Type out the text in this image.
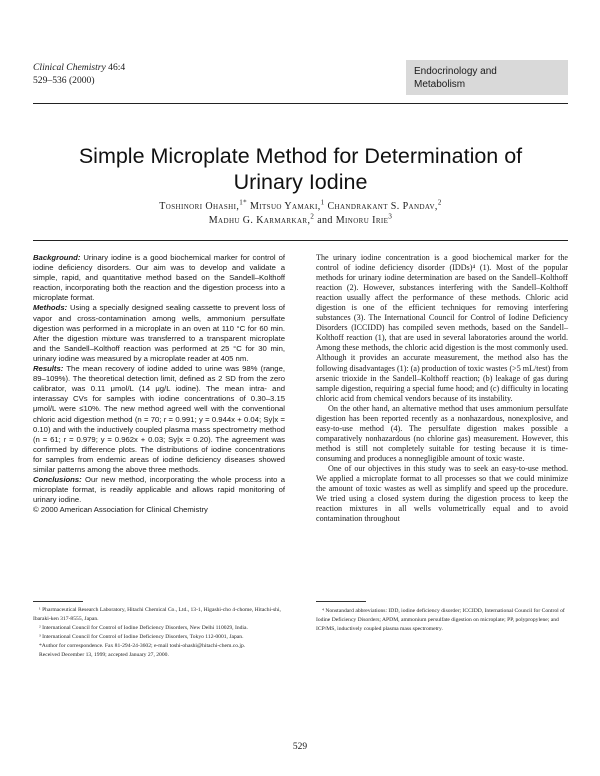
Clinical Chemistry 46:4
529–536 (2000)
Endocrinology and
Metabolism
Simple Microplate Method for Determination of
Urinary Iodine
Toshinori Ohashi,$^{1*}$ Mitsuo Yamaki,$^1$ Chandrakant S. Pandav,$^2$
Madhu G. Karmarkar,$^2$ and Minoru Irie$^3$

Background: Urinary iodine is a good biochemical marker for control of iodine deficiency disorders. Our aim was to develop and validate a simple, rapid, and quantitative method based on the Sandell–Kolthoff reaction, incorporating both the reaction and the digestion process into a microplate format.

Methods: Using a specially designed sealing cassette to prevent loss of vapor and cross-contamination among wells, ammonium persulfate digestion was performed in a microplate in an oven at 110 °C for 60 min. After the digestion mixture was transferred to a transparent microplate and the Sandell–Kolthoff reaction was performed at 25 °C for 30 min, urinary iodine was measured by a microplate reader at 405 nm.

Results: The mean recovery of iodine added to urine was 98% (range, 89–109%). The theoretical detection limit, defined as 2 SD from the zero calibrator, was 0.11 μmol/L (14 μg/L iodine). The mean intra- and interassay CVs for samples with iodine concentrations of 0.30–3.15 μmol/L were ≤10%. The new method agreed well with the conventional chloric acid digestion method (n = 70; r = 0.991; y = 0.944x + 0.04; Sy|x = 0.10) and with the inductively coupled plasma mass spectrometry method (n = 61; r = 0.979; y = 0.962x + 0.03; Sy|x = 0.20). The agreement was confirmed by difference plots. The distributions of iodine concentrations for samples from endemic areas of iodine deficiency diseases showed similar patterns among the above three methods.

Conclusions: Our new method, incorporating the whole process into a microplate format, is readily applicable and allows rapid monitoring of urinary iodine.

© 2000 American Association for Clinical Chemistry

The urinary iodine concentration is a good biochemical marker for the control of iodine deficiency disorder (IDDs)⁴ (1). Most of the popular methods for urinary iodine determination are based on the Sandell–Kolthoff reaction (2). However, substances interfering with the Sandell–Kolthoff reaction usually affect the performance of these methods. Chloric acid digestion is one of the efficient techniques for removing interfering substances (3). The International Council for Control of Iodine Deficiency Disorders (ICCIDD) has compiled seven methods, based on the Sandell–Kolthoff reaction (1), that are used in several laboratories around the world. Among these methods, the chloric acid digestion is the most commonly used. Although it provides an accurate measurement, the method also has the following disadvantages (1): (a) production of toxic wastes (>5 mL/test) from arsenic trioxide in the Sandell–Kolthoff reaction; (b) leakage of gas during sample digestion, requiring a special fume hood; and (c) difficulty in locating chloric acid from chemical vendors because of its instability.

On the other hand, an alternative method that uses ammonium persulfate digestion has been reported recently as a nonhazardous, nonexplosive, and easy-to-use method (4). The persulfate digestion makes possible a comparatively nonhazardous (no chlorine gas) measurement. However, this method is still not completely suitable for testing because it is time-consuming and produces a nonnegligible amount of toxic waste.

One of our objectives in this study was to seek an easy-to-use method. We applied a microplate format to all processes so that we could minimize the amount of toxic wastes as well as simplify and speed up the procedure. We tried using a closed system during the digestion process to keep the reaction mixtures in all wells volumetrically equal and to avoid contamination throughout

¹ Pharmaceutical Research Laboratory, Hitachi Chemical Co., Ltd., 13-1, Higashi-cho 4-chome, Hitachi-shi, Ibaraki-ken 317-8555, Japan.

² International Council for Control of Iodine Deficiency Disorders, New Delhi 110029, India.

³ International Council for Control of Iodine Deficiency Disorders, Tokyo 112-0001, Japan.

*Author for correspondence. Fax 81-294-24-3602; e-mail toshi-ohashi@hitachi-chem.co.jp.

Received December 13, 1999; accepted January 27, 2000.

⁴ Nonstandard abbreviations: IDD, iodine deficiency disorder; ICCIDD, International Council for Control of Iodine Deficiency Disorders; APDM, ammonium persulfate digestion on microplate; PP, polypropylene; and ICP/MS, inductively coupled plasma mass spectrometry.

529
